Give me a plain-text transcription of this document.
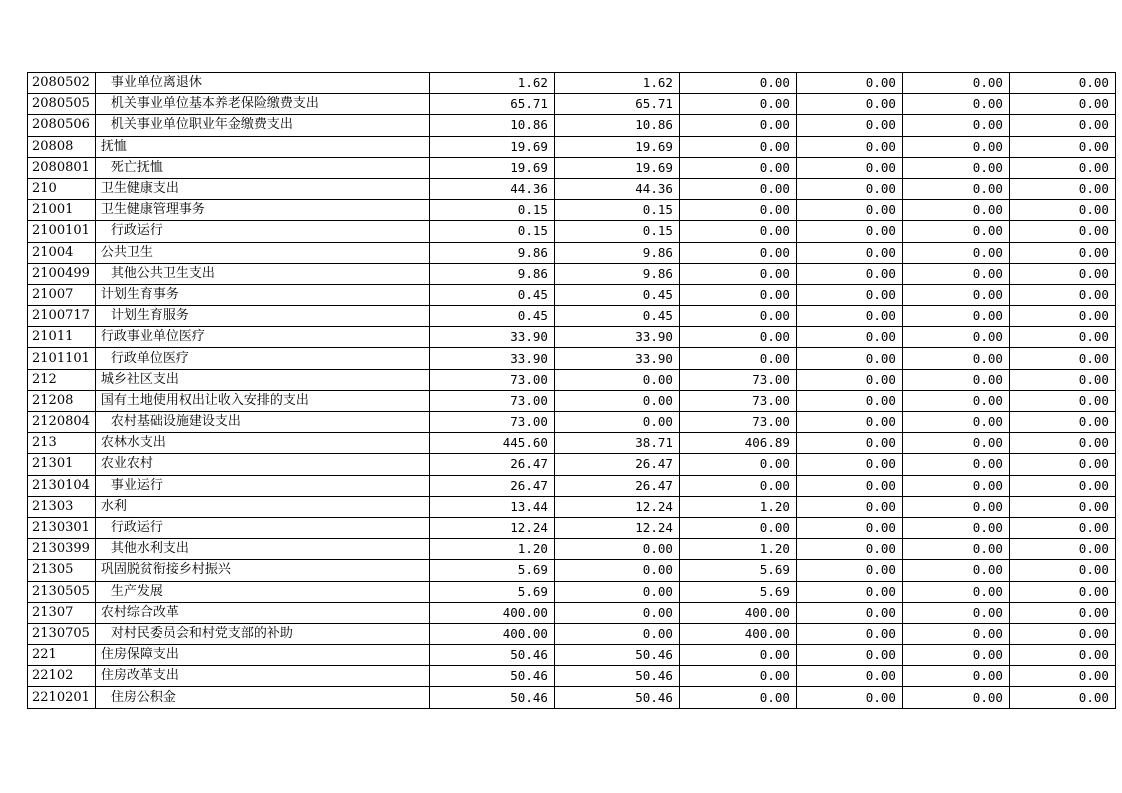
2080502	事业单位离退休	1.62	1.62	0.00	0.00	0.00	0.00
2080505	机关事业单位基本养老保险缴费支出	65.71	65.71	0.00	0.00	0.00	0.00
2080506	机关事业单位职业年金缴费支出	10.86	10.86	0.00	0.00	0.00	0.00
20808	抚恤	19.69	19.69	0.00	0.00	0.00	0.00
2080801	死亡抚恤	19.69	19.69	0.00	0.00	0.00	0.00
210	卫生健康支出	44.36	44.36	0.00	0.00	0.00	0.00
21001	卫生健康管理事务	0.15	0.15	0.00	0.00	0.00	0.00
2100101	行政运行	0.15	0.15	0.00	0.00	0.00	0.00
21004	公共卫生	9.86	9.86	0.00	0.00	0.00	0.00
2100499	其他公共卫生支出	9.86	9.86	0.00	0.00	0.00	0.00
21007	计划生育事务	0.45	0.45	0.00	0.00	0.00	0.00
2100717	计划生育服务	0.45	0.45	0.00	0.00	0.00	0.00
21011	行政事业单位医疗	33.90	33.90	0.00	0.00	0.00	0.00
2101101	行政单位医疗	33.90	33.90	0.00	0.00	0.00	0.00
212	城乡社区支出	73.00	0.00	73.00	0.00	0.00	0.00
21208	国有土地使用权出让收入安排的支出	73.00	0.00	73.00	0.00	0.00	0.00
2120804	农村基础设施建设支出	73.00	0.00	73.00	0.00	0.00	0.00
213	农林水支出	445.60	38.71	406.89	0.00	0.00	0.00
21301	农业农村	26.47	26.47	0.00	0.00	0.00	0.00
2130104	事业运行	26.47	26.47	0.00	0.00	0.00	0.00
21303	水利	13.44	12.24	1.20	0.00	0.00	0.00
2130301	行政运行	12.24	12.24	0.00	0.00	0.00	0.00
2130399	其他水利支出	1.20	0.00	1.20	0.00	0.00	0.00
21305	巩固脱贫衔接乡村振兴	5.69	0.00	5.69	0.00	0.00	0.00
2130505	生产发展	5.69	0.00	5.69	0.00	0.00	0.00
21307	农村综合改革	400.00	0.00	400.00	0.00	0.00	0.00
2130705	对村民委员会和村党支部的补助	400.00	0.00	400.00	0.00	0.00	0.00
221	住房保障支出	50.46	50.46	0.00	0.00	0.00	0.00
22102	住房改革支出	50.46	50.46	0.00	0.00	0.00	0.00
2210201	住房公积金	50.46	50.46	0.00	0.00	0.00	0.00
